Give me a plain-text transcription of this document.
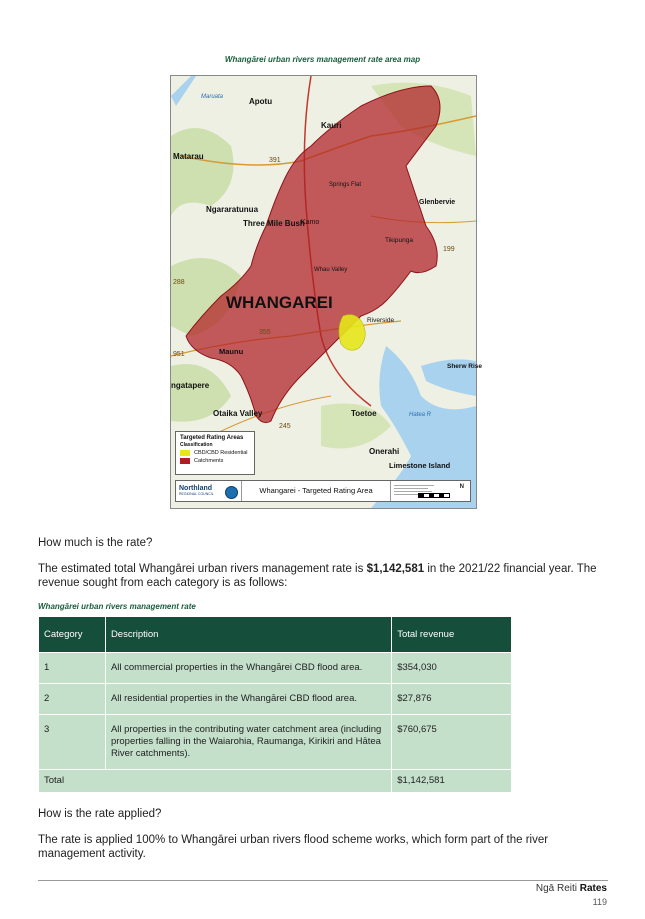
Whangārei urban rivers management rate area map
Apotu
Kauri
Matarau
Maruata
Springs Flat
Glenbervie
Ngararatunua
Three Mile Bush
Kamo
Tikipunga
WHANGAREI
Whau Valley
Maunu
Riverside
ngatapere
Otaika Valley	Toetoe
Onerahi
Limestone Island
Hatea R
Sherw Rise
391
199
245
355
288
951
Targeted Rating Areas
Classification
CBD/CBD Residential
Catchments
Northland
REGIONAL COUNCIL	Whangarei - Targeted Rating Area	N
How much is the rate?
The estimated total Whangārei urban rivers management rate is $1,142,581 in the 2021/22 financial year. The revenue sought from each category is as follows:
Whangārei urban rivers management rate
Category	Description	Total revenue
1	All commercial properties in the Whangārei CBD flood area.	$354,030
2	All residential properties in the Whangārei CBD flood area.	$27,876
3	All properties in the contributing water catchment area (including properties falling in the Waiarohia, Raumanga, Kirikiri and Hātea River catchments).	$760,675
Total		$1,142,581
How is the rate applied?
The rate is applied 100% to Whangārei urban rivers flood scheme works, which form part of the river management activity.
Ngā Reiti Rates
119
